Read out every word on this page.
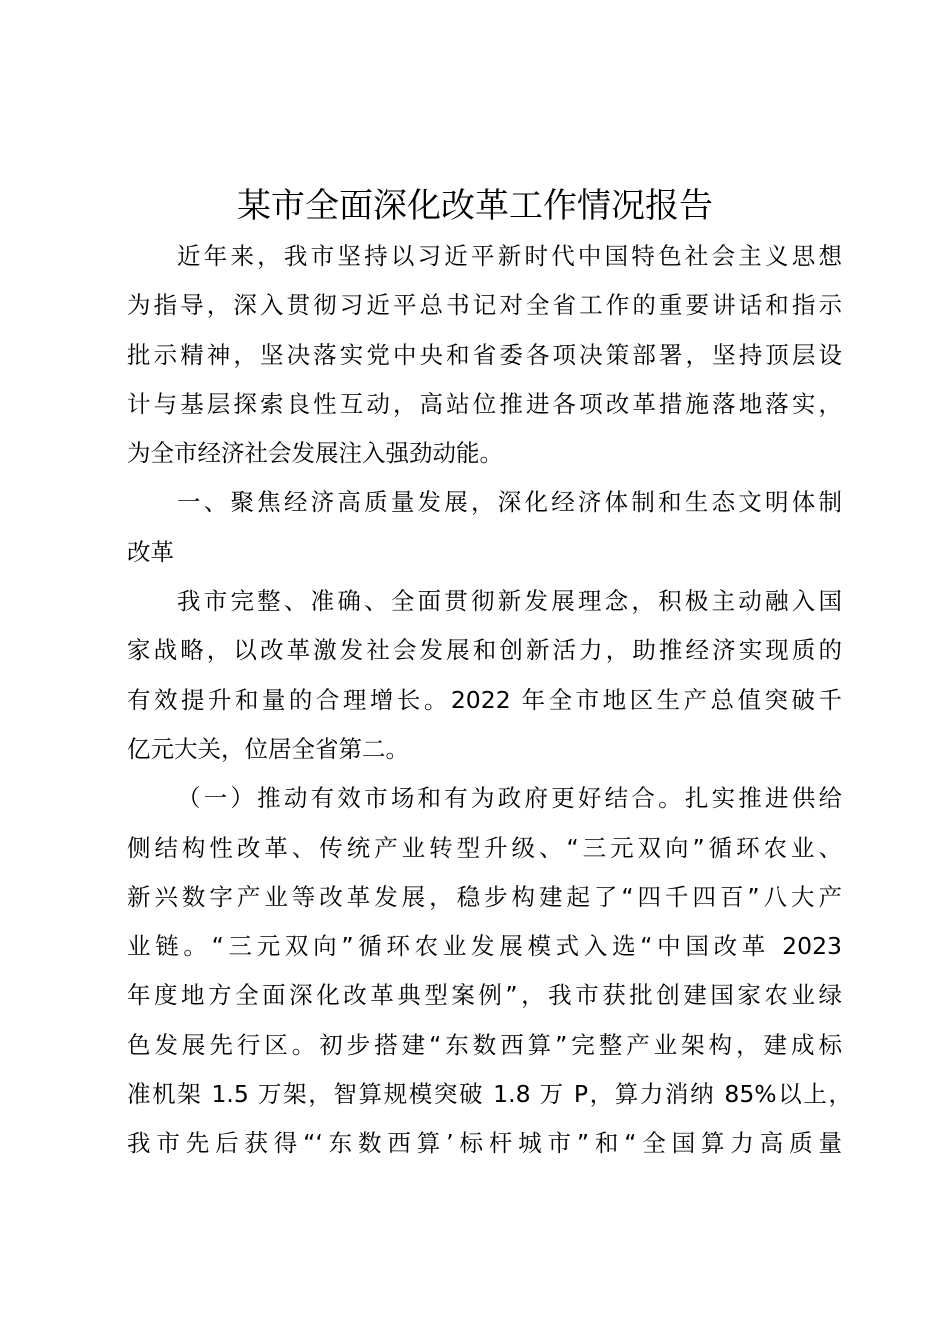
某市全面深化改革工作情况报告
近年来，我市坚持以习近平新时代中国特色社会主义思想
为指导，深入贯彻习近平总书记对全省工作的重要讲话和指示
批示精神，坚决落实党中央和省委各项决策部署，坚持顶层设
计与基层探索良性互动，高站位推进各项改革措施落地落实，
为全市经济社会发展注入强劲动能。
一、聚焦经济高质量发展，深化经济体制和生态文明体制
改革
我市完整、准确、全面贯彻新发展理念，积极主动融入国
家战略，以改革激发社会发展和创新活力，助推经济实现质的
有效提升和量的合理增长。2022 年全市地区生产总值突破千
亿元大关，位居全省第二。
（一）推动有效市场和有为政府更好结合。扎实推进供给
侧结构性改革、传统产业转型升级、“三元双向”循环农业、
新兴数字产业等改革发展，稳步构建起了“四千四百”八大产
业链。“三元双向”循环农业发展模式入选“中国改革 2023
年度地方全面深化改革典型案例”，我市获批创建国家农业绿
色发展先行区。初步搭建“东数西算”完整产业架构，建成标
准机架 1.5 万架，智算规模突破 1.8 万 P，算力消纳 85%以上，
我市先后获得“‘东数西算’标杆城市”和“全国算力高质量
